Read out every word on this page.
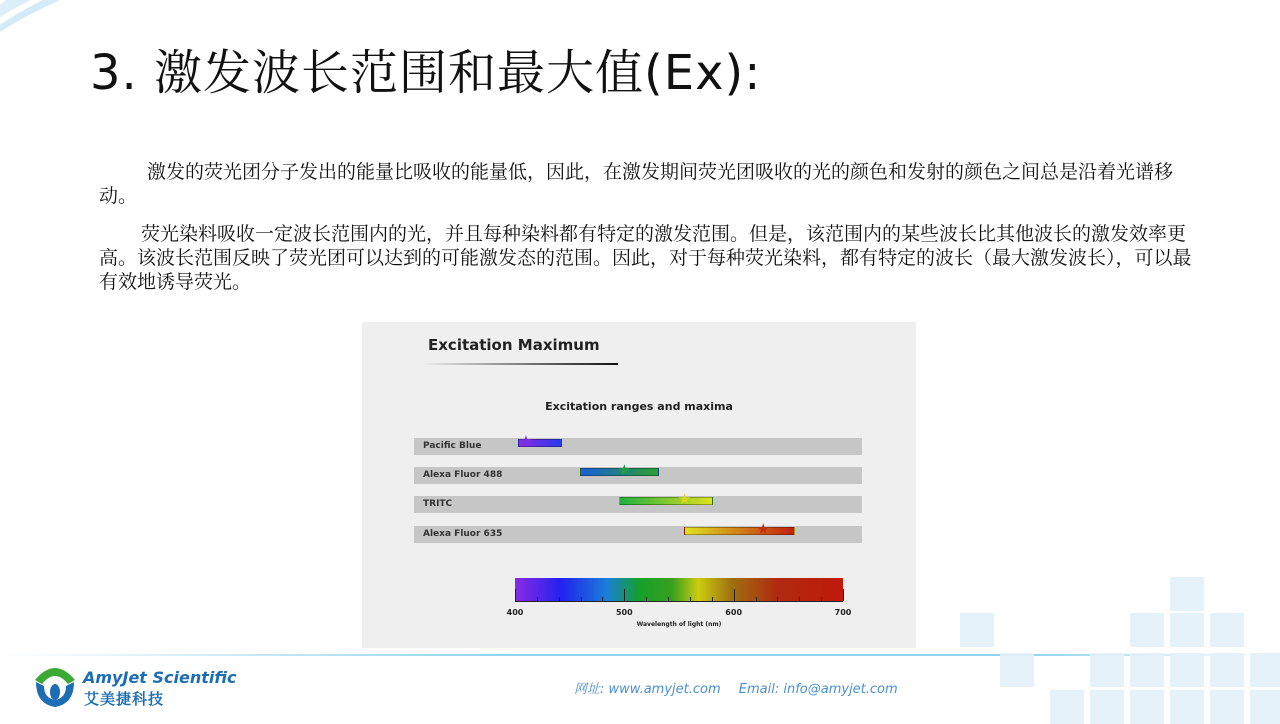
3. 激发波长范围和最大值(Ex):

激发的荧光团分子发出的能量比吸收的能量低，因此，在激发期间荧光团吸收的光的颜色和发射的颜色之间总是沿着光谱移动。

荧光染料吸收一定波长范围内的光，并且每种染料都有特定的激发范围。但是，该范围内的某些波长比其他波长的激发效率更高。该波长范围反映了荧光团可以达到的可能激发态的范围。因此，对于每种荧光染料，都有特定的波长（最大激发波长），可以最有效地诱导荧光。

Excitation Maximum
Excitation ranges and maxima
Pacific Blue	★
Alexa Fluor 488	★
TRITC	★
Alexa Fluor 635	★
400	500	600	700
Wavelength of light (nm)
AmyJet Scientific
艾美捷科技
网址: www.amyjet.com Email: info@amyjet.com
